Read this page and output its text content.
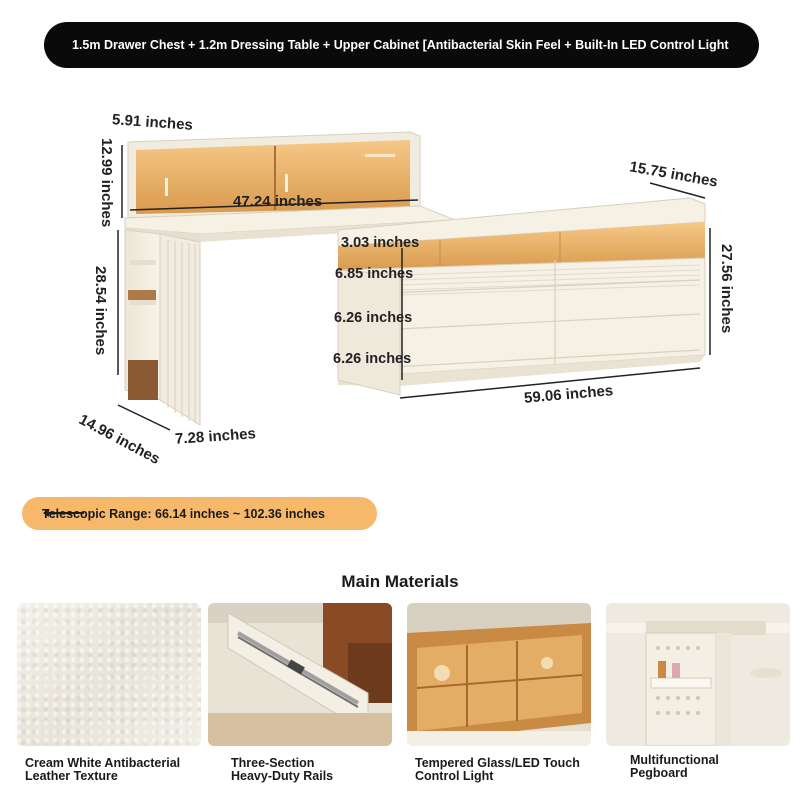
1.5m Drawer Chest + 1.2m Dressing Table + Upper Cabinet [Antibacterial Skin Feel + Built-In LED Control Light
5.91 inches
12.99 inches	47.24 inches
28.54 inches
14.96 inches 7.28 inches
15.75 inches
27.56 inches
59.06 inches
3.03 inches
6.85 inches
6.26 inches
6.26 inches
Telescopic Range: 66.14 inches ~ 102.36 inches
Main Materials
Cream White Antibacterial
Leather Texture
Three-Section
Heavy-Duty Rails
Tempered Glass/LED Touch
Control Light
Multifunctional
Pegboard
